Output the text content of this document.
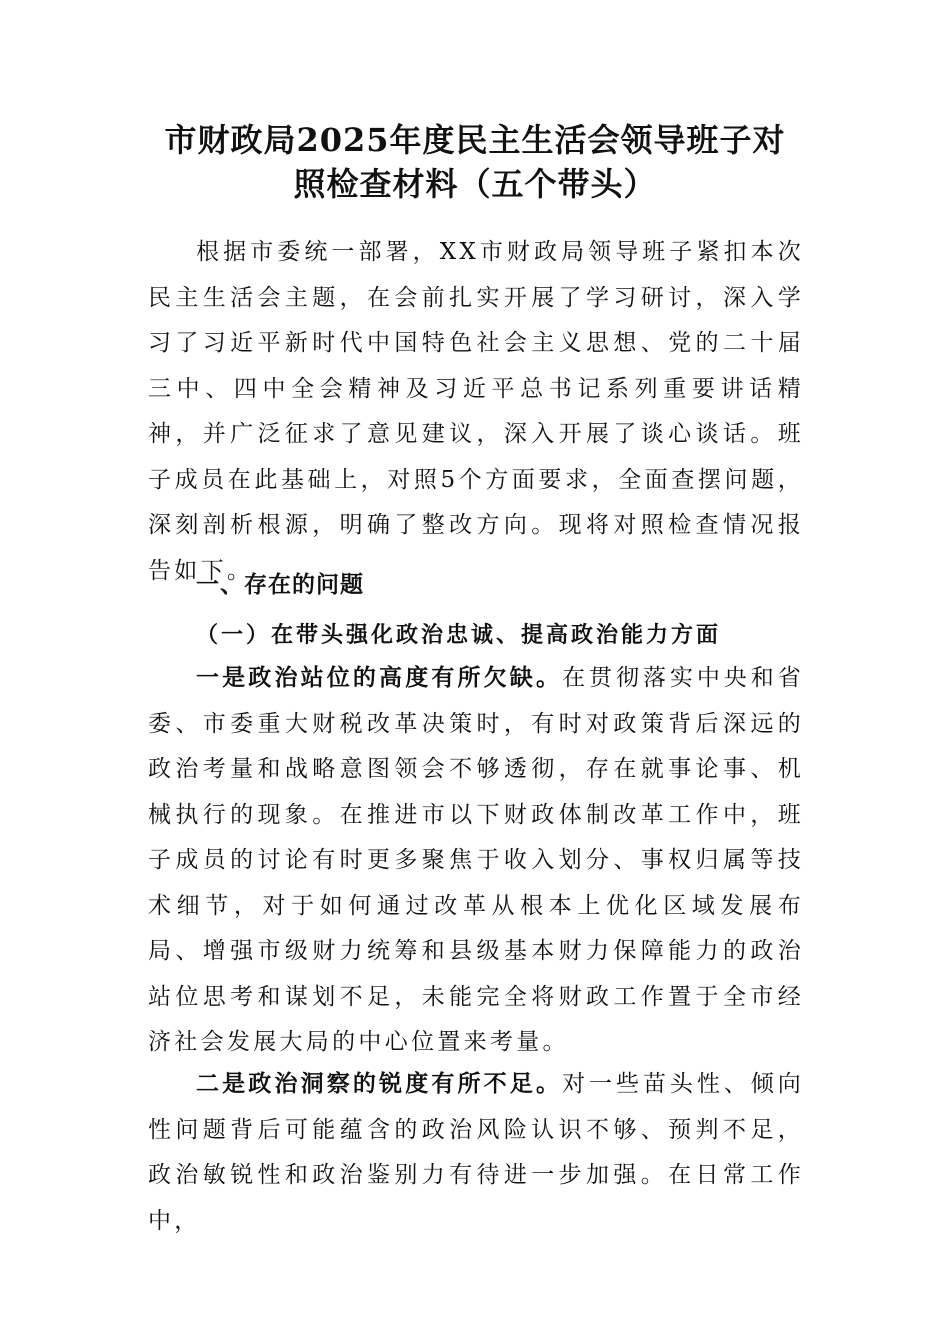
市财政局2025年度民主生活会领导班子对
照检查材料（五个带头）

根据市委统一部署，XX市财政局领导班子紧扣本次民主生活会主题，在会前扎实开展了学习研讨，深入学习了习近平新时代中国特色社会主义思想、党的二十届三中、四中全会精神及习近平总书记系列重要讲话精神，并广泛征求了意见建议，深入开展了谈心谈话。班子成员在此基础上，对照5个方面要求，全面查摆问题，深刻剖析根源，明确了整改方向。现将对照检查情况报告如下。

一、存在的问题
（一）在带头强化政治忠诚、提高政治能力方面

一是政治站位的高度有所欠缺。在贯彻落实中央和省委、市委重大财税改革决策时，有时对政策背后深远的政治考量和战略意图领会不够透彻，存在就事论事、机械执行的现象。在推进市以下财政体制改革工作中，班子成员的讨论有时更多聚焦于收入划分、事权归属等技术细节，对于如何通过改革从根本上优化区域发展布局、增强市级财力统筹和县级基本财力保障能力的政治站位思考和谋划不足，未能完全将财政工作置于全市经济社会发展大局的中心位置来考量。

二是政治洞察的锐度有所不足。对一些苗头性、倾向性问题背后可能蕴含的政治风险认识不够、预判不足，政治敏锐性和政治鉴别力有待进一步加强。在日常工作中，
